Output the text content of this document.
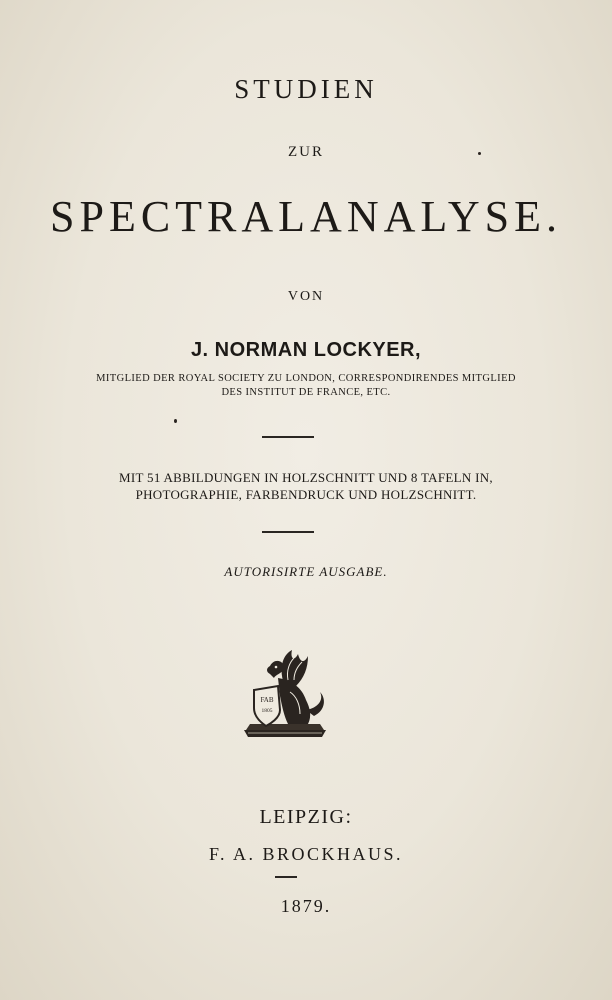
STUDIEN
ZUR
SPECTRALANALYSE.
VON
J. NORMAN LOCKYER,
MITGLIED DER ROYAL SOCIETY ZU LONDON, CORRESPONDIRENDES MITGLIED
DES INSTITUT DE FRANCE, ETC.
MIT 51 ABBILDUNGEN IN HOLZSCHNITT UND 8 TAFELN IN,
PHOTOGRAPHIE, FARBENDRUCK UND HOLZSCHNITT.
AUTORISIRTE AUSGABE.
FAB
1805
LEIPZIG:
F. A. BROCKHAUS.
1879.
